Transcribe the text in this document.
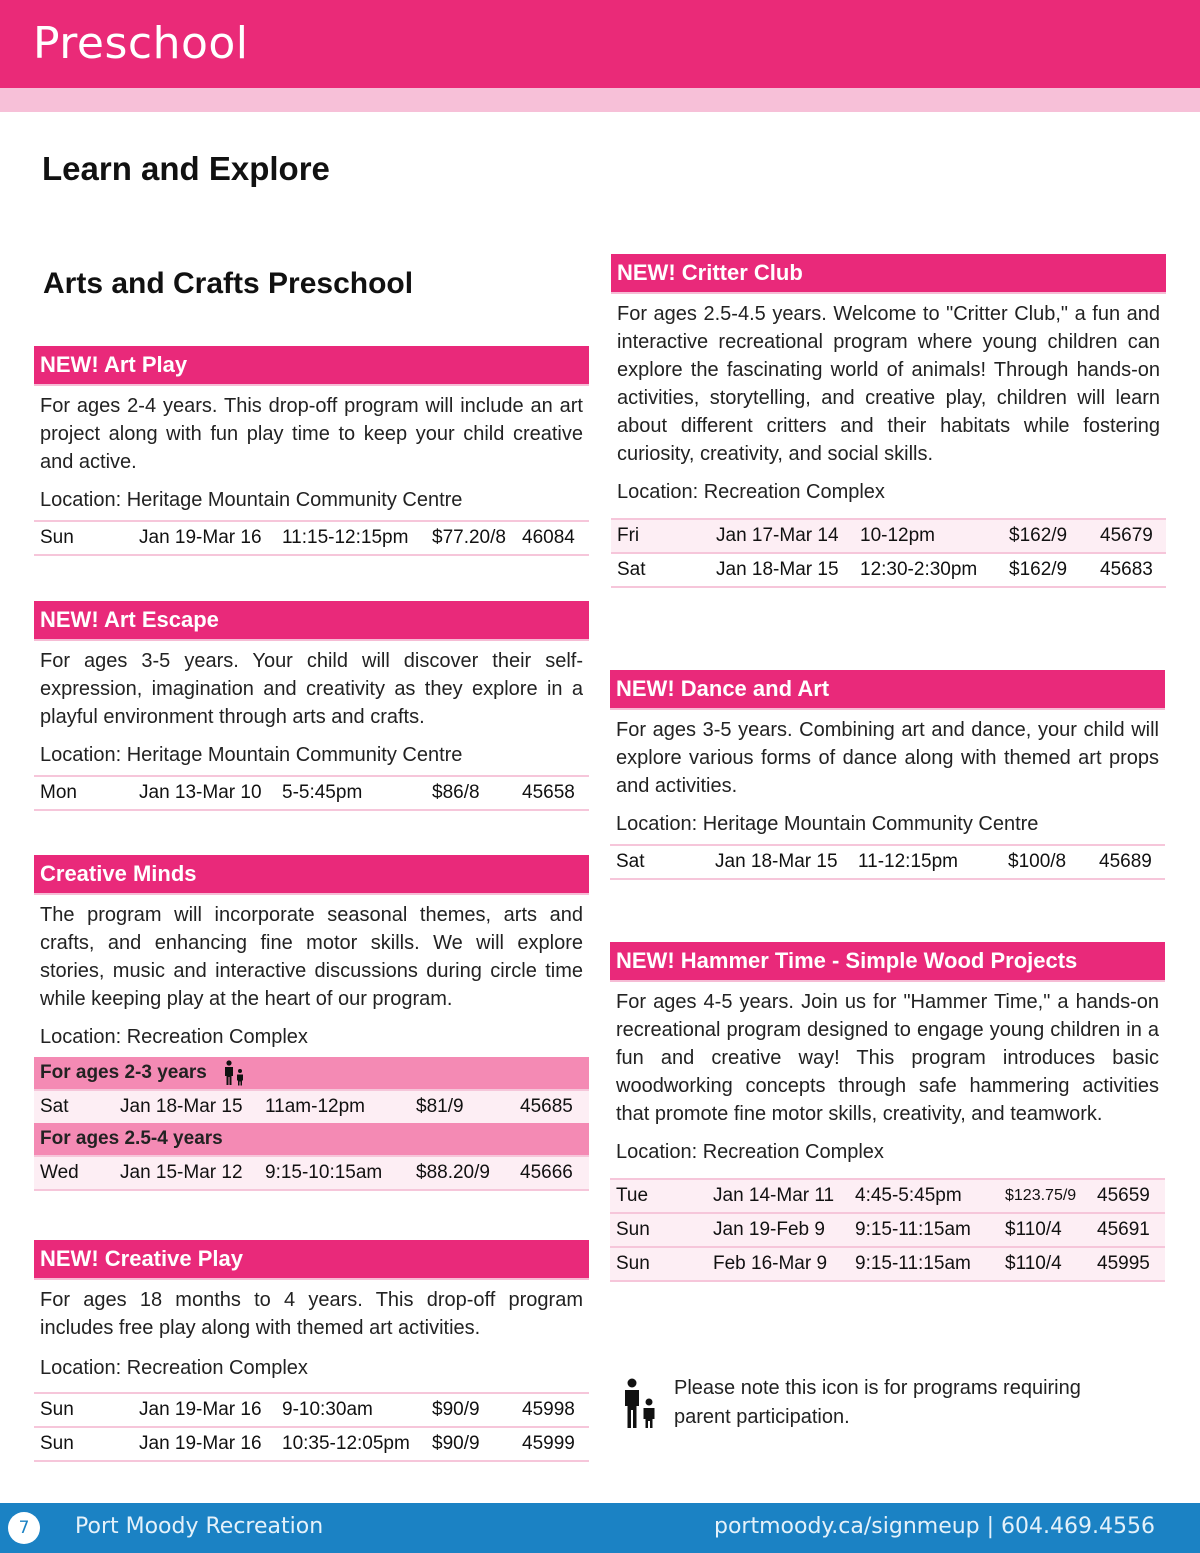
Preschool
Learn and Explore
Arts and Crafts Preschool
NEW! Art Play
For ages 2-4 years. This drop-off program will include an art project along with fun play time to keep your child creative and active.
Location: Heritage Mountain Community Centre
Sun	Jan 19-Mar 16 11:15-12:15pm $77.20/8 46084
NEW! Art Escape
For ages 3-5 years. Your child will discover their self-expression, imagination and creativity as they explore in a playful environment through arts and crafts.
Location: Heritage Mountain Community Centre
Mon	Jan 13-Mar 10 5-5:45pm	$86/8 45658
Creative Minds
The program will incorporate seasonal themes, arts and crafts, and enhancing fine motor skills. We will explore stories, music and interactive discussions during circle time while keeping play at the heart of our program.
Location: Recreation Complex
For ages 2-3 years
Sat	Jan 18-Mar 15 11am-12pm	$81/9	45685
For ages 2.5-4 years
Wed Jan 15-Mar 12 9:15-10:15am $88.20/9 45666
NEW! Creative Play
For ages 18 months to 4 years. This drop-off program includes free play along with themed art activities.
Location: Recreation Complex
Sun	Jan 19-Mar 16 9-10:30am	$90/9 45998
Sun	Jan 19-Mar 16 10:35-12:05pm $90/9 45999
NEW! Critter Club
For ages 2.5-4.5 years. Welcome to "Critter Club," a fun and interactive recreational program where young children can explore the fascinating world of animals! Through hands-on activities, storytelling, and creative play, children will learn about different critters and their habitats while fostering curiosity, creativity, and social skills.
Location: Recreation Complex
Fri	Jan 17-Mar 14 10-12pm	$162/9 45679
Sat	Jan 18-Mar 15 12:30-2:30pm $162/9 45683
NEW! Dance and Art
For ages 3-5 years. Combining art and dance, your child will explore various forms of dance along with themed art props and activities.
Location: Heritage Mountain Community Centre
Sat	Jan 18-Mar 15 11-12:15pm	$100/8 45689
NEW! Hammer Time - Simple Wood Projects
For ages 4-5 years. Join us for "Hammer Time," a hands-on recreational program designed to engage young children in a fun and creative way! This program introduces basic woodworking concepts through safe hammering activities that promote fine motor skills, creativity, and teamwork.
Location: Recreation Complex
Tue	Jan 14-Mar 11 4:45-5:45pm	$123.75/9 45659
Sun	Jan 19-Feb 9 9:15-11:15am $110/4 45691
Sun	Feb 16-Mar 9 9:15-11:15am $110/4 45995
Please note this icon is for programs requiring parent participation.
7	Port Moody Recreation	portmoody.ca/signmeup | 604.469.4556
